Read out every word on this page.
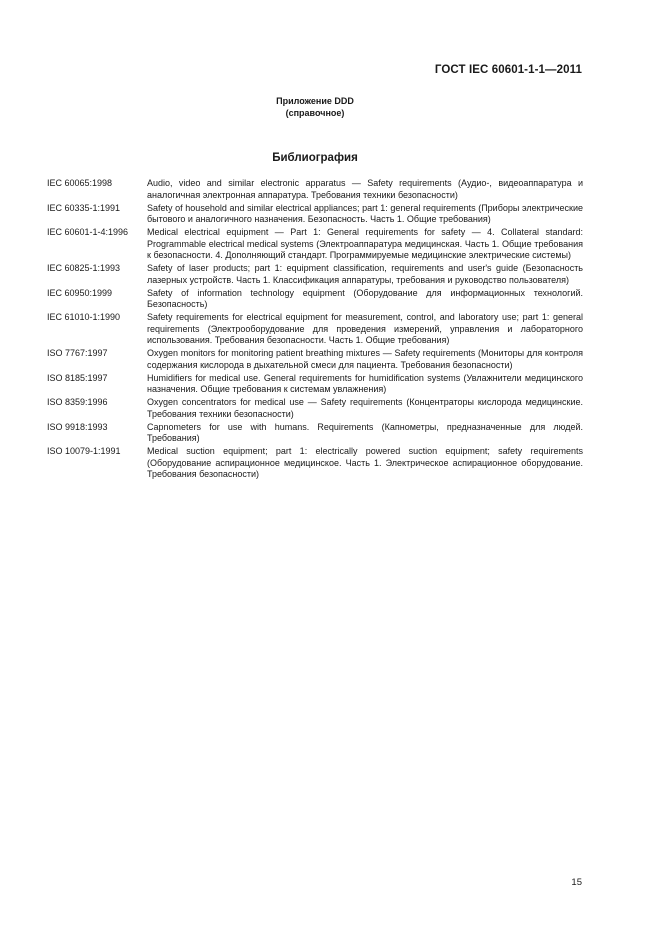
ГОСТ IEC 60601-1-1—2011
Приложение DDD
(справочное)
Библиография
IEC 60065:1998	Audio, video and similar electronic apparatus — Safety requirements (Аудио-, видеоаппаратура и аналогичная электронная аппаратура. Требования техники безопасности)
IEC 60335-1:1991	Safety of household and similar electrical appliances; part 1: general requirements (Приборы электрические бытового и аналогичного назначения. Безопасность. Часть 1. Общие требования)
IEC 60601-1-4:1996	Medical electrical equipment — Part 1: General requirements for safety — 4. Collateral standard: Programmable electrical medical systems (Электроаппаратура медицинская. Часть 1. Общие требования к безопасности. 4. Дополняющий стандарт. Программируемые медицинские электрические системы)
IEC 60825-1:1993	Safety of laser products; part 1: equipment classification, requirements and user's guide (Безопасность лазерных устройств. Часть 1. Классификация аппаратуры, требования и руководство пользователя)
IEC 60950:1999	Safety of information technology equipment (Оборудование для информационных технологий. Безопасность)
IEC 61010-1:1990	Safety requirements for electrical equipment for measurement, control, and laboratory use; part 1: general requirements (Электрооборудование для проведения измерений, управления и лабораторного использования. Требования безопасности. Часть 1. Общие требования)
ISO 7767:1997	Oxygen monitors for monitoring patient breathing mixtures — Safety requirements (Мониторы для контроля содержания кислорода в дыхательной смеси для пациента. Требования безопасности)
ISO 8185:1997	Humidifiers for medical use. General requirements for humidification systems (Увлажнители медицинского назначения. Общие требования к системам увлажнения)
ISO 8359:1996	Oxygen concentrators for medical use — Safety requirements (Концентраторы кислорода медицинские. Требования техники безопасности)
ISO 9918:1993	Capnometers for use with humans. Requirements (Капнометры, предназначенные для людей. Требования)
ISO 10079-1:1991	Medical suction equipment; part 1: electrically powered suction equipment; safety requirements (Оборудование аспирационное медицинское. Часть 1. Электрическое аспирационное оборудование. Требования безопасности)
15
